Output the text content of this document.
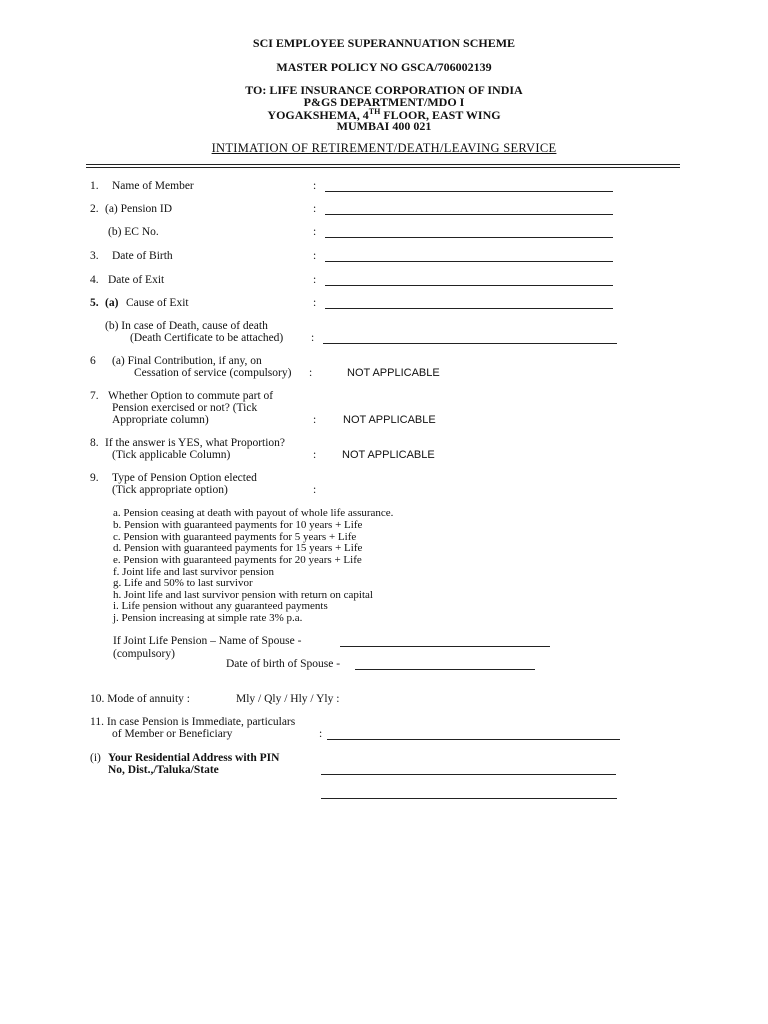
SCI EMPLOYEE SUPERANNUATION SCHEME
MASTER POLICY NO GSCA/706002139
TO: LIFE INSURANCE CORPORATION OF INDIA
P&GS DEPARTMENT/MDO I
YOGAKSHEMA, 4TH FLOOR, EAST WING
MUMBAI 400 021
INTIMATION OF RETIREMENT/DEATH/LEAVING SERVICE
1. Name of Member	:
2. (a) Pension ID	:
(b) EC No.	:
3. Date of Birth	:
4. Date of Exit	:
5. (a) Cause of Exit	:
(b) In case of Death, cause of death
(Death Certificate to be attached) :
6 (a) Final Contribution, if any, on
Cessation of service (compulsory) :	NOT APPLICABLE
7. Whether Option to commute part of
Pension exercised or not? (Tick
Appropriate column)	: NOT APPLICABLE
8. If the answer is YES, what Proportion?
(Tick applicable Column)	: NOT APPLICABLE
9. Type of Pension Option elected
(Tick appropriate option)	:
a. Pension ceasing at death with payout of whole life assurance.
b. Pension with guaranteed payments for 10 years + Life
c. Pension with guaranteed payments for 5 years + Life
d. Pension with guaranteed payments for 15 years + Life
e. Pension with guaranteed payments for 20 years + Life
f. Joint life and last survivor pension
g. Life and 50% to last survivor
h. Joint life and last survivor pension with return on capital
i. Life pension without any guaranteed payments
j. Pension increasing at simple rate 3% p.a.
If Joint Life Pension – Name of Spouse -
(compulsory)
Date of birth of Spouse -
10. Mode of annuity :	Mly / Qly / Hly / Yly :
11. In case Pension is Immediate, particulars
of Member or Beneficiary	:
(i) Your Residential Address with PIN
No, Dist.,/Taluka/State
